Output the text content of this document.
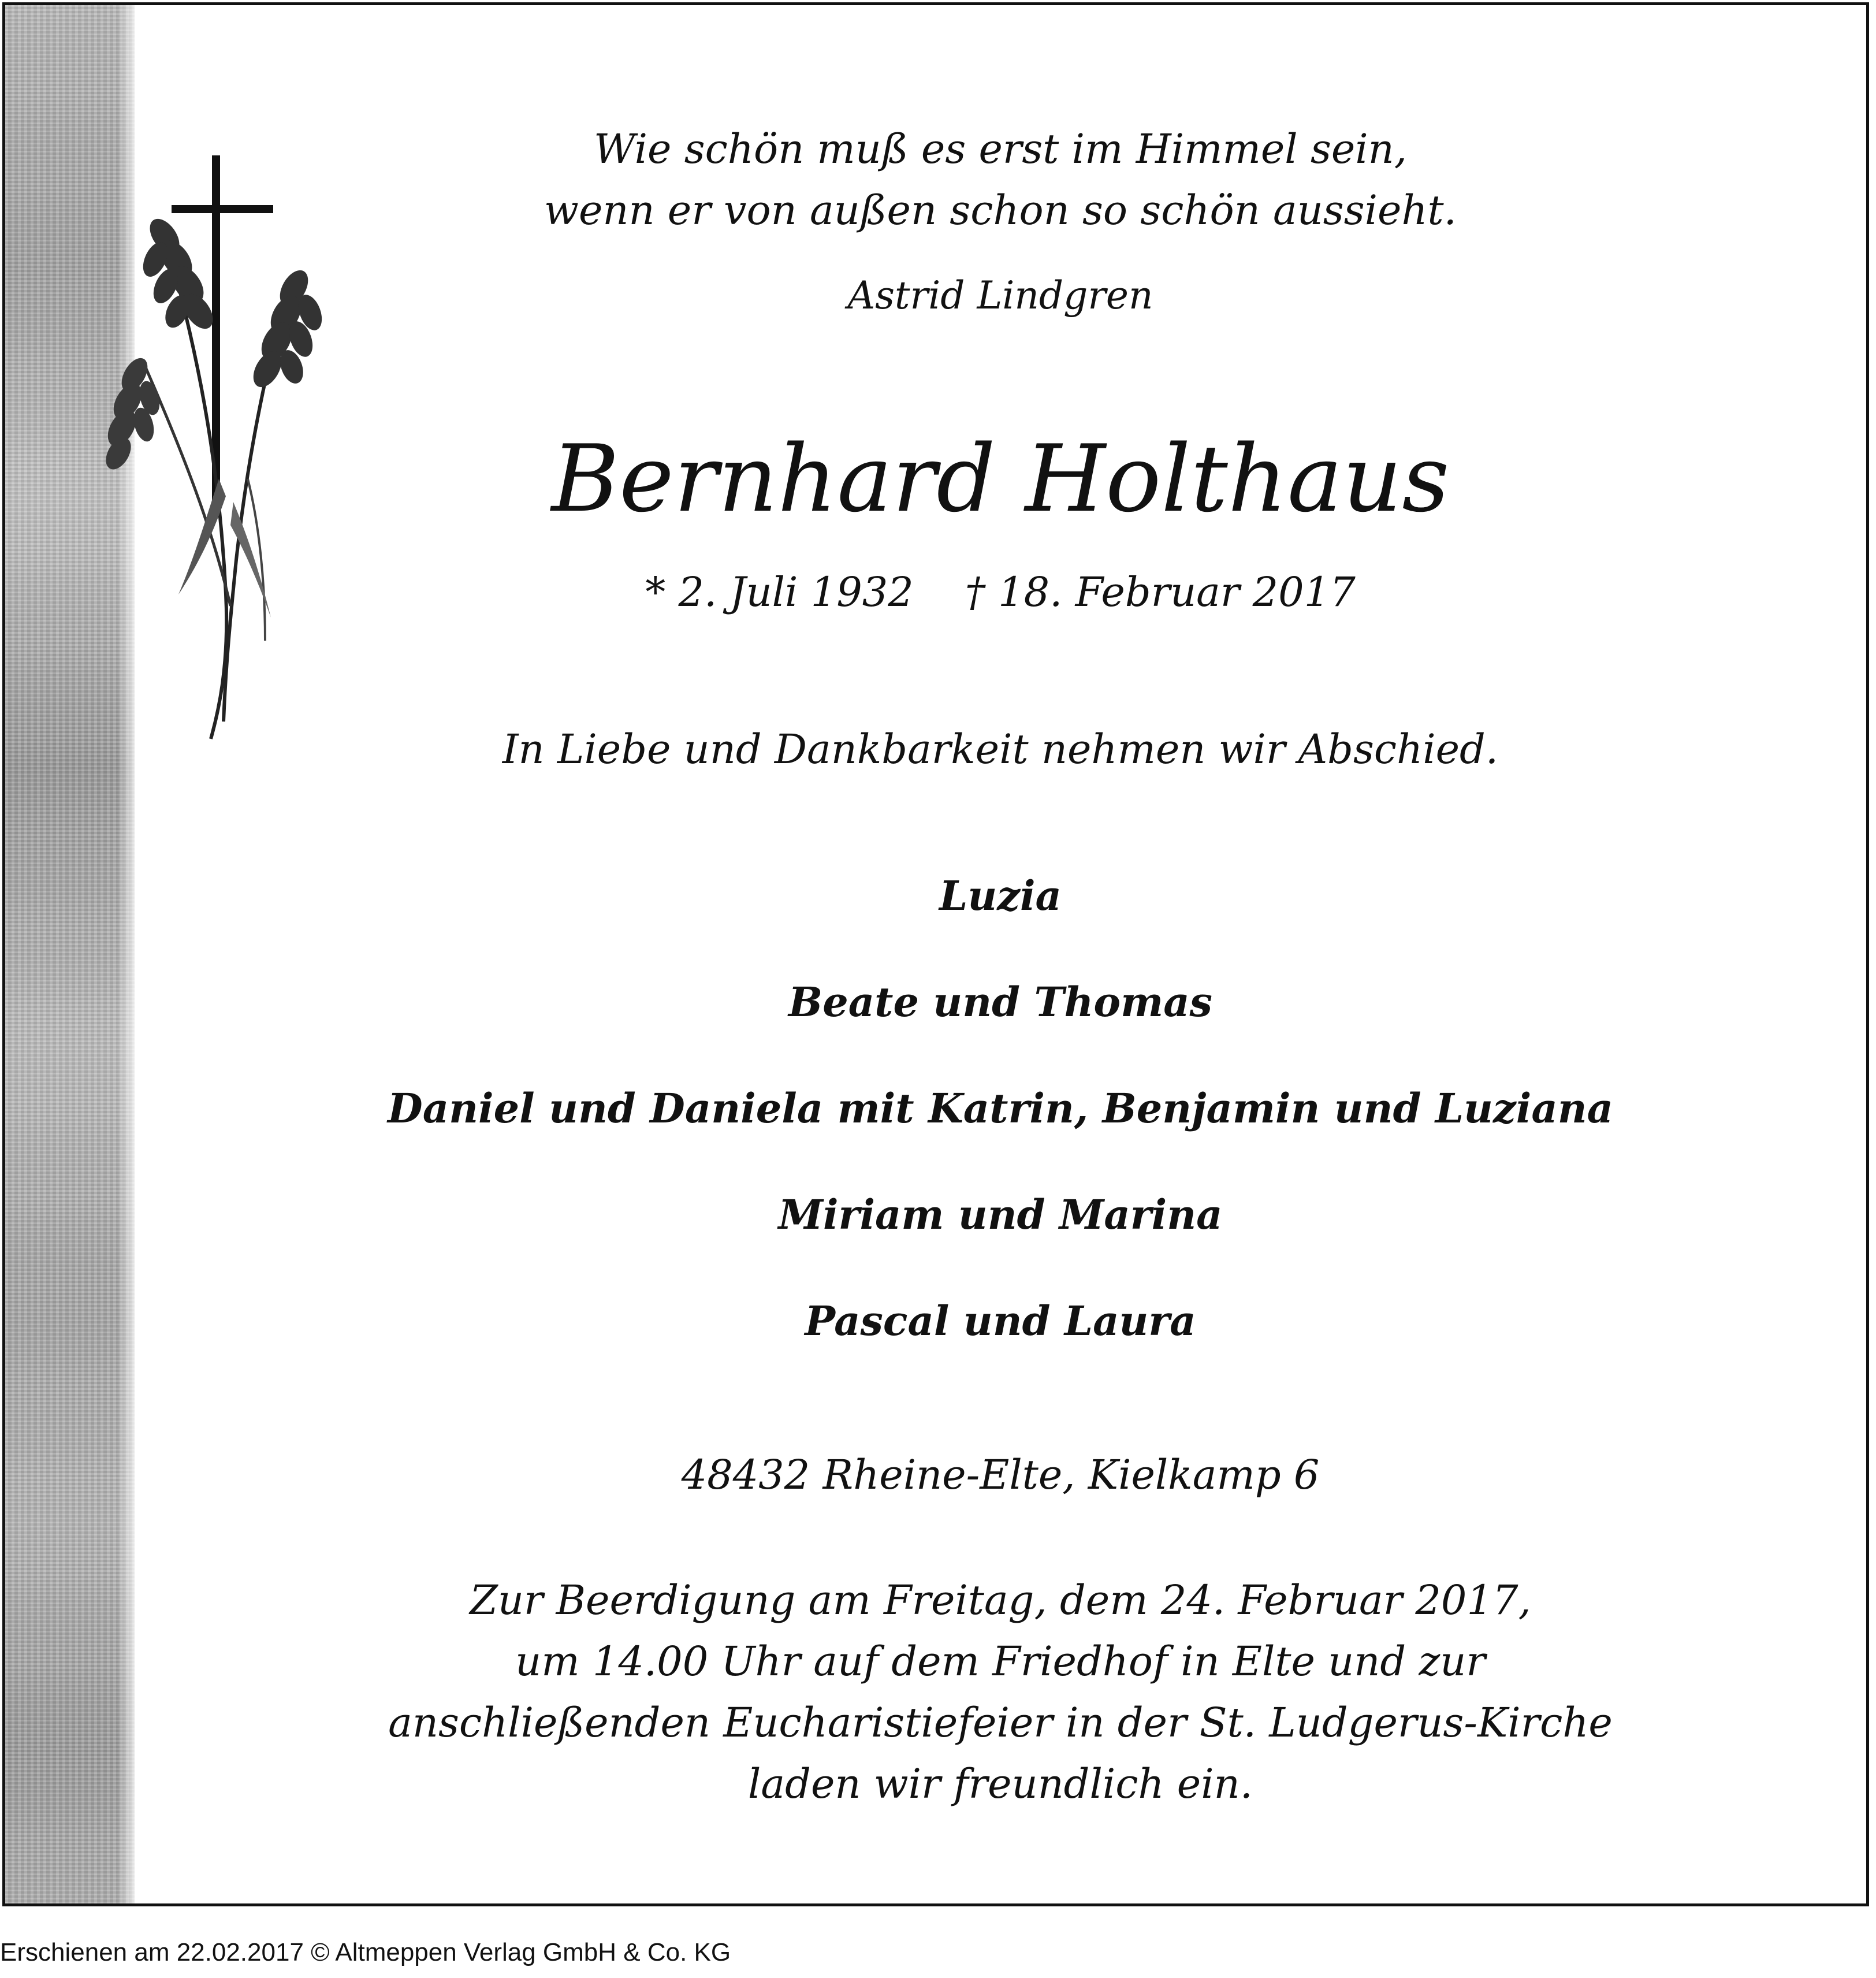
Wie schön muß es erst im Himmel sein,
wenn er von außen schon so schön aussieht.

Astrid Lindgren

Bernhard Holthaus

* 2. Juli 1932    † 18. Februar 2017

In Liebe und Dankbarkeit nehmen wir Abschied.

Luzia

Beate und Thomas

Daniel und Daniela mit Katrin, Benjamin und Luziana

Miriam und Marina

Pascal und Laura

48432 Rheine-Elte, Kielkamp 6

Zur Beerdigung am Freitag, dem 24. Februar 2017,
um 14.00 Uhr auf dem Friedhof in Elte und zur
anschließenden Eucharistiefeier in der St. Ludgerus-Kirche
laden wir freundlich ein.

Erschienen am 22.02.2017 © Altmeppen Verlag GmbH & Co. KG
